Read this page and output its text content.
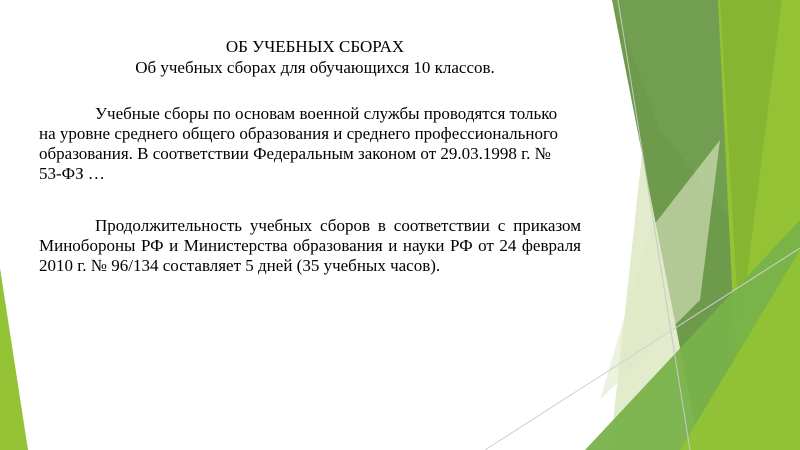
ОБ УЧЕБНЫХ СБОРАХ
Об учебных сборах для обучающихся 10 классов.
Учебные сборы по основам военной службы проводятся только на уровне среднего общего образования и среднего профессионального образования. В соответствии Федеральным законом от 29.03.1998 г. № 53-ФЗ …
Продолжительность учебных сборов в соответствии с приказом Минобороны РФ и Министерства образования и науки РФ от 24 февраля 2010 г. № 96/134 составляет 5 дней (35 учебных часов).
